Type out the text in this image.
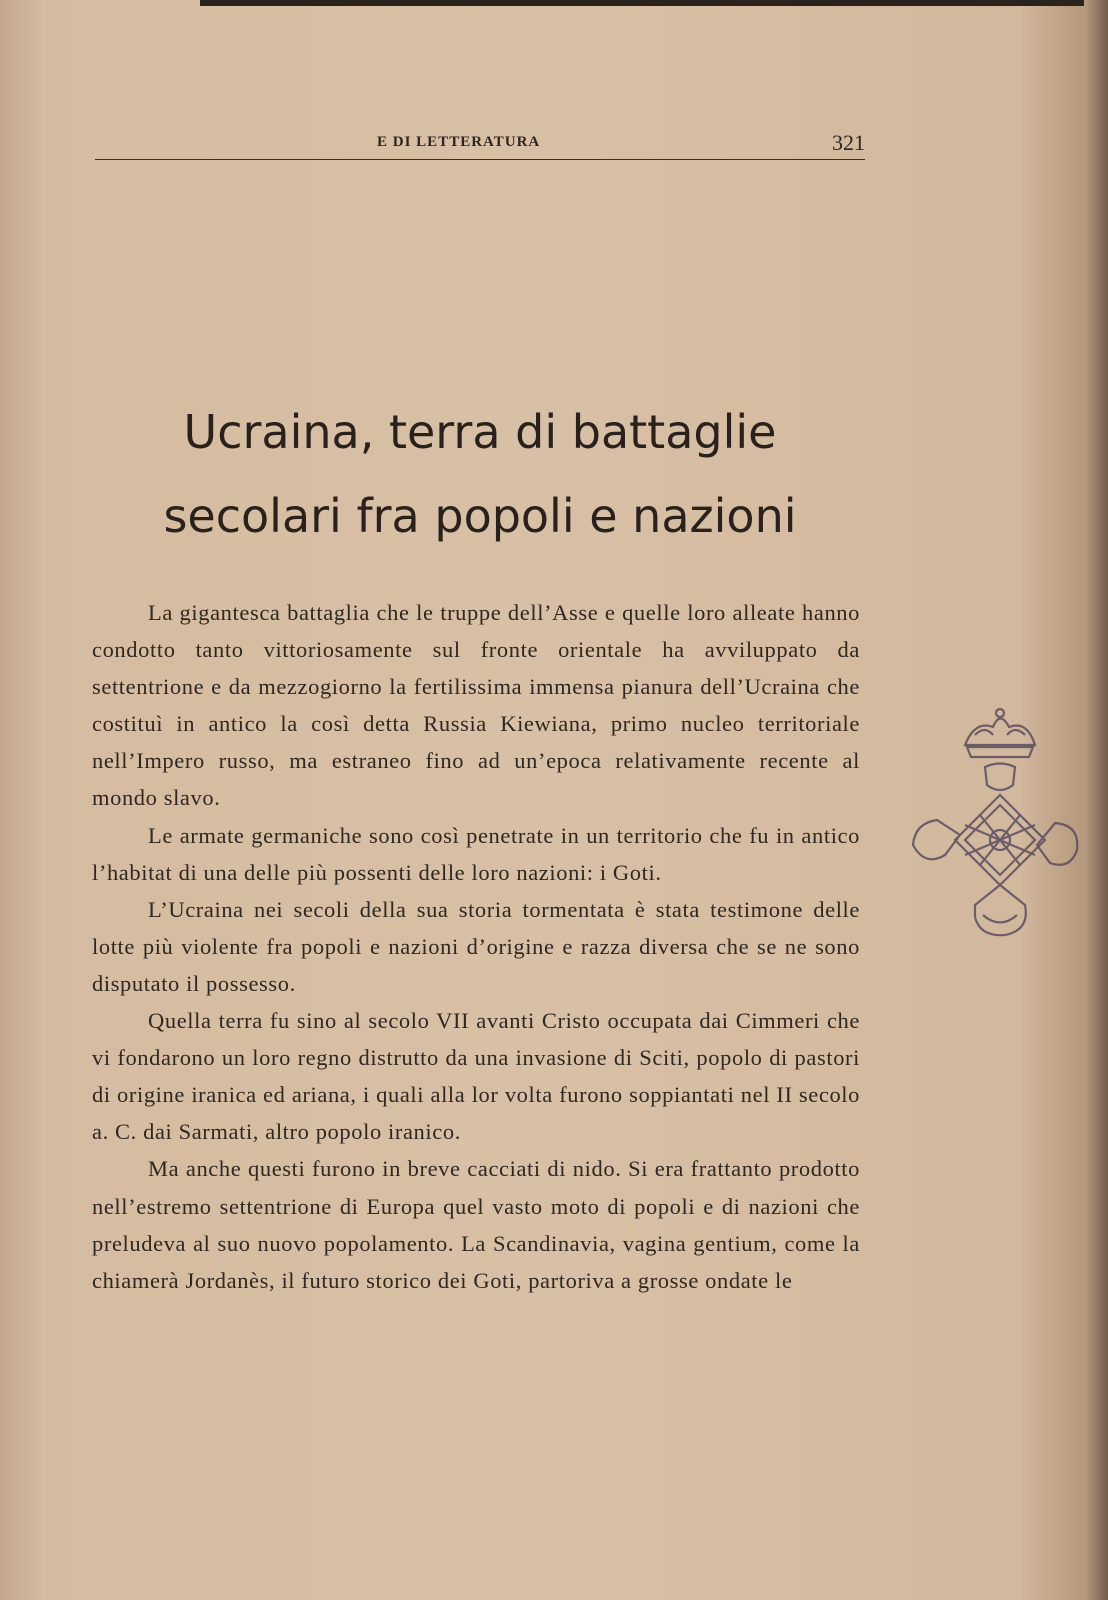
E DI LETTERATURA	321
Ucraina, terra di battaglie
secolari fra popoli e nazioni

La gigantesca battaglia che le truppe dell’Asse e quelle loro alleate hanno condotto tanto vittoriosamente sul fronte orientale ha avviluppato da settentrione e da mezzogiorno la fertilissima immensa pianura dell’Ucraina che costituì in antico la così detta Russia Kiewiana, primo nucleo territoriale nell’Impero russo, ma estraneo fino ad un’epoca relativamente recente al mondo slavo.

Le armate germaniche sono così penetrate in un territorio che fu in antico l’habitat di una delle più possenti delle loro nazioni: i Goti.

L’Ucraina nei secoli della sua storia tormentata è stata testimone delle lotte più violente fra popoli e nazioni d’origine e razza diversa che se ne sono disputato il possesso.

Quella terra fu sino al secolo VII avanti Cristo occupata dai Cimmeri che vi fondarono un loro regno distrutto da una invasione di Sciti, popolo di pastori di origine iranica ed ariana, i quali alla lor volta furono soppiantati nel II secolo a. C. dai Sarmati, altro popolo iranico.

Ma anche questi furono in breve cacciati di nido. Si era frattanto prodotto nell’estremo settentrione di Europa quel vasto moto di popoli e di nazioni che preludeva al suo nuovo popolamento. La Scandinavia, vagina gentium, come la chiamerà Jordanès, il futuro storico dei Goti, partoriva a grosse ondate le
